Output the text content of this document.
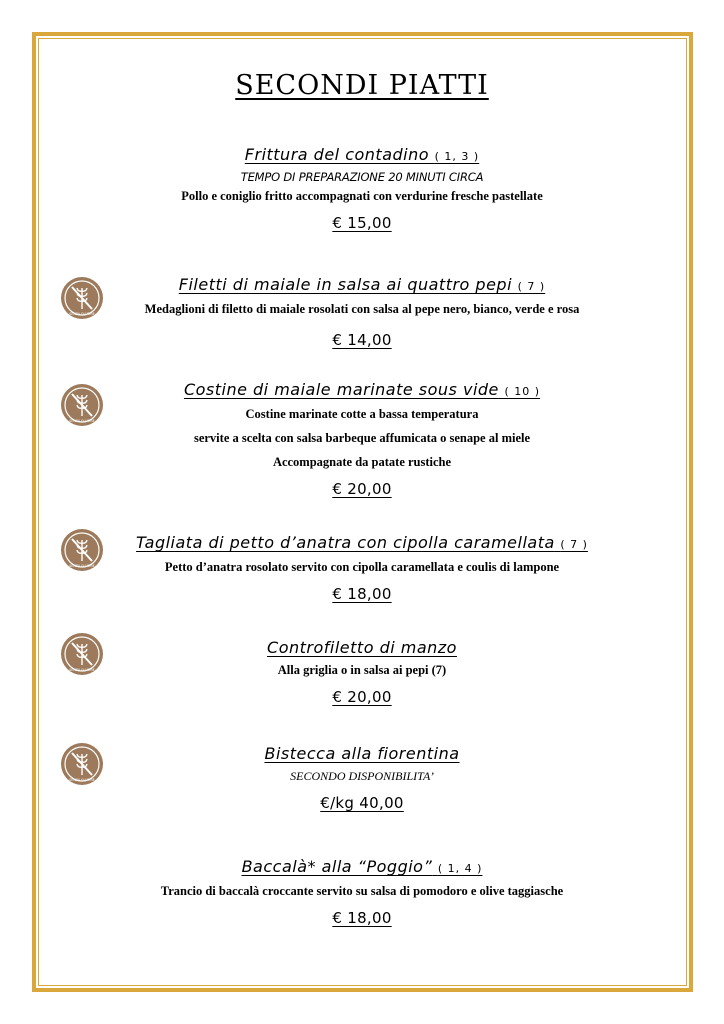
SECONDI PIATTI
Frittura del contadino ( 1, 3 )
TEMPO DI PREPARAZIONE 20 MINUTI CIRCA
Pollo e coniglio fritto accompagnati con verdurine fresche pastellate
€ 15,00
Filetti di maiale in salsa ai quattro pepi ( 7 )
Medaglioni di filetto di maiale rosolati con salsa al pepe nero, bianco, verde e rosa
€ 14,00
Costine di maiale marinate sous vide ( 10 )
Costine marinate cotte a bassa temperatura
servite a scelta con salsa barbeque affumicata o senape al miele
Accompagnate da patate rustiche
€ 20,00
Tagliata di petto d’anatra con cipolla caramellata ( 7 )
Petto d’anatra rosolato servito con cipolla caramellata e coulis di lampone
€ 18,00
Controfiletto di manzo
Alla griglia o in salsa ai pepi (7)
€ 20,00
Bistecca alla fiorentina
SECONDO DISPONIBILITA’
€/kg 40,00
Baccalà* alla “Poggio” ( 1, 4 )
Trancio di baccalà croccante servito su salsa di pomodoro e olive taggiasche
€ 18,00
SENZA GLUTINE
SENZA GLUTINE
SENZA GLUTINE
SENZA GLUTINE
SENZA GLUTINE
